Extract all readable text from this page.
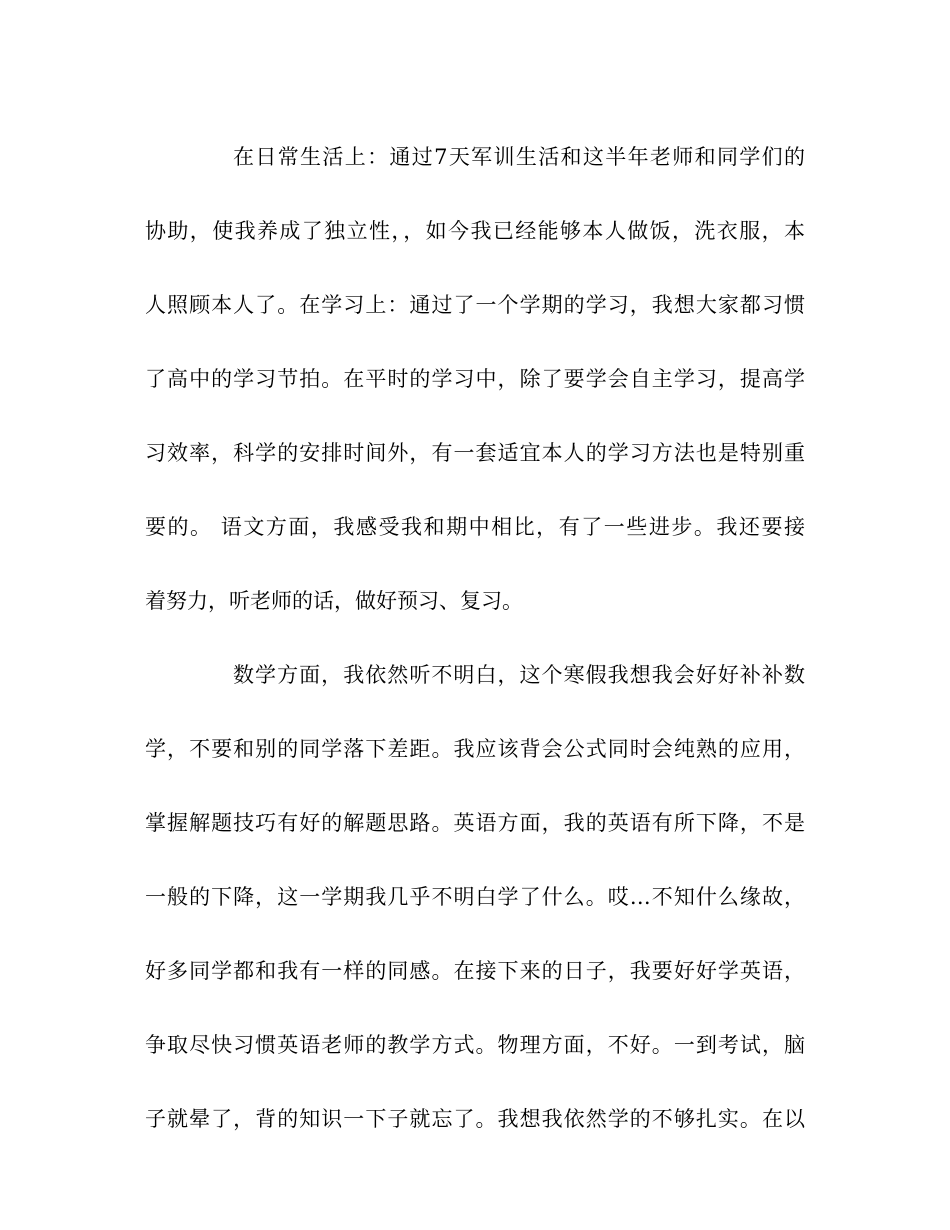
在日常生活上：通过7天军训生活和这半年老师和同学们的
协助，使我养成了独立性，，如今我已经能够本人做饭，洗衣服，本
人照顾本人了。在学习上：通过了一个学期的学习，我想大家都习惯
了高中的学习节拍。在平时的学习中，除了要学会自主学习，提高学
习效率，科学的安排时间外，有一套适宜本人的学习方法也是特别重
要的。 语文方面，我感受我和期中相比，有了一些进步。我还要接
着努力，听老师的话，做好预习、复习。
数学方面，我依然听不明白，这个寒假我想我会好好补补数
学，不要和别的同学落下差距。我应该背会公式同时会纯熟的应用，
掌握解题技巧有好的解题思路。英语方面，我的英语有所下降，不是
一般的下降，这一学期我几乎不明白学了什么。哎…不知什么缘故，
好多同学都和我有一样的同感。在接下来的日子，我要好好学英语，
争取尽快习惯英语老师的教学方式。物理方面，不好。一到考试，脑
子就晕了，背的知识一下子就忘了。我想我依然学的不够扎实。在以
